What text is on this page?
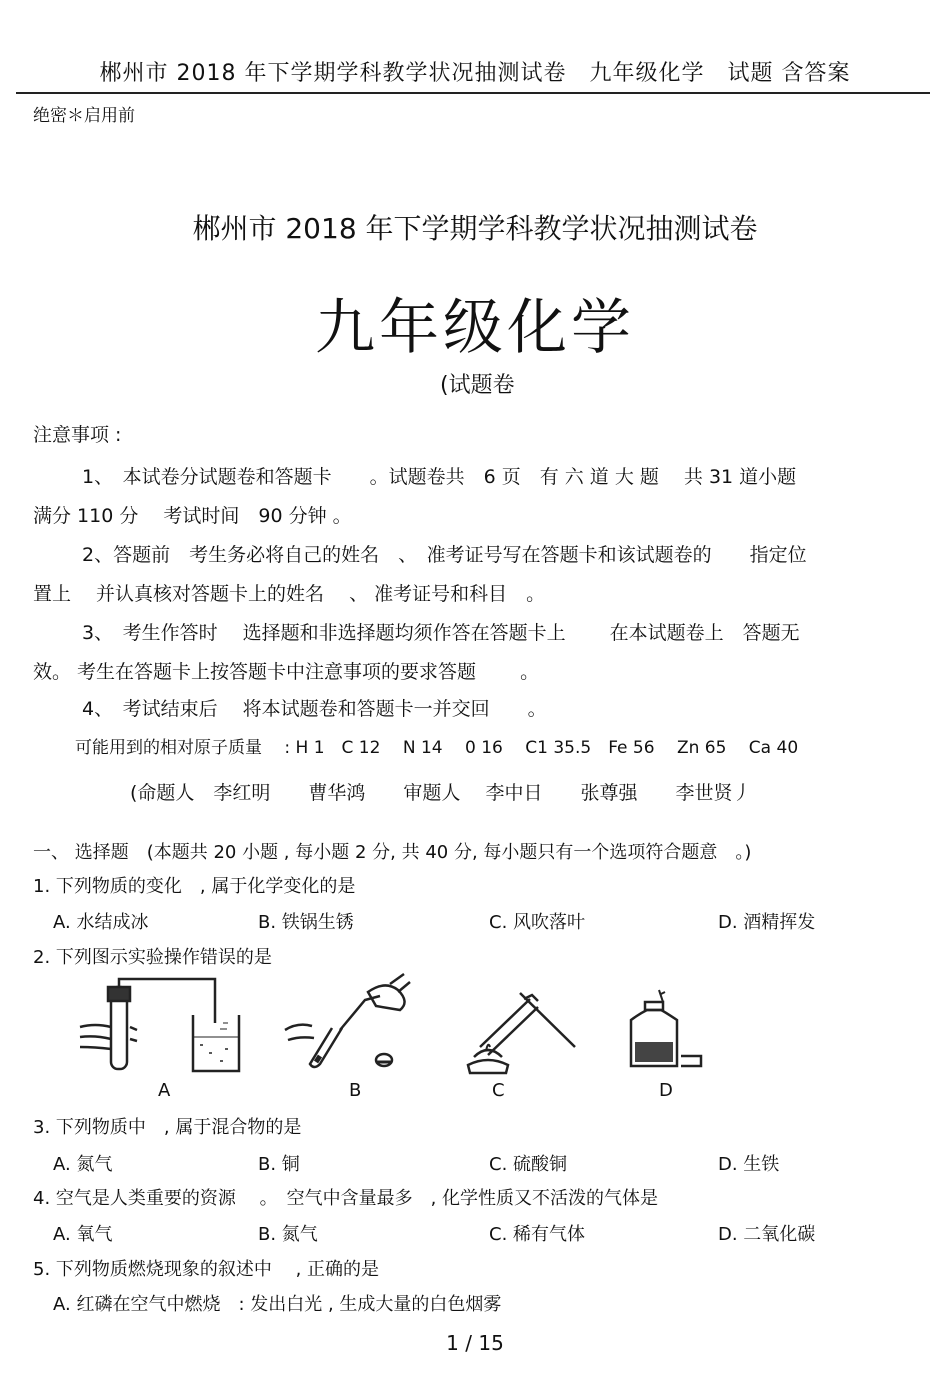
郴州市 2018 年下学期学科教学状况抽测试卷　九年级化学　试题 含答案
绝密＊启用前
郴州市 2018 年下学期学科教学状况抽测试卷
九年级化学
(试题卷
注意事项 :
1、　本试卷分试题卷和答题卡　　。试题卷共　6 页　有 六 道 大 题　 共 31 道小题
满分 110 分　 考试时间　90 分钟 。
2、答题前　考生务必将自己的姓名　、　准考证号写在答题卡和该试题卷的　　指定位
置上　 并认真核对答题卡上的姓名　 、 准考证号和科目　。
3、　考生作答时　 选择题和非选择题均须作答在答题卡上　　 在本试题卷上　答题无
效。 考生在答题卡上按答题卡中注意事项的要求答题　　 。
4、　考试结束后　 将本试题卷和答题卡一并交回　　。
可能用到的相对原子质量　 : H 1　C 12　 N 14　 0 16　 C1 35.5　Fe 56　 Zn 65　 Ca 40
(命题人　李红明　　曹华鸿　　审题人　 李中日　　张尊强　　李世贤丿
一、 选择题　(本题共 20 小题 , 每小题 2 分, 共 40 分, 每小题只有一个选项符合题意　。)
1. 下列物质的变化　, 属于化学变化的是
A. 水结成冰	B. 铁锅生锈	C. 风吹落叶	D. 酒精挥发
2. 下列图示实验操作错误的是
A	B	C	D
3. 下列物质中　, 属于混合物的是
A. 氮气	B. 铜	C. 硫酸铜	D. 生铁
4. 空气是人类重要的资源　 。　空气中含量最多　, 化学性质又不活泼的气体是
A. 氧气	B. 氮气	C. 稀有气体	D. 二氧化碳
5. 下列物质燃烧现象的叙述中　 , 正确的是
A. 红磷在空气中燃烧　: 发出白光 , 生成大量的白色烟雾
1 / 15
